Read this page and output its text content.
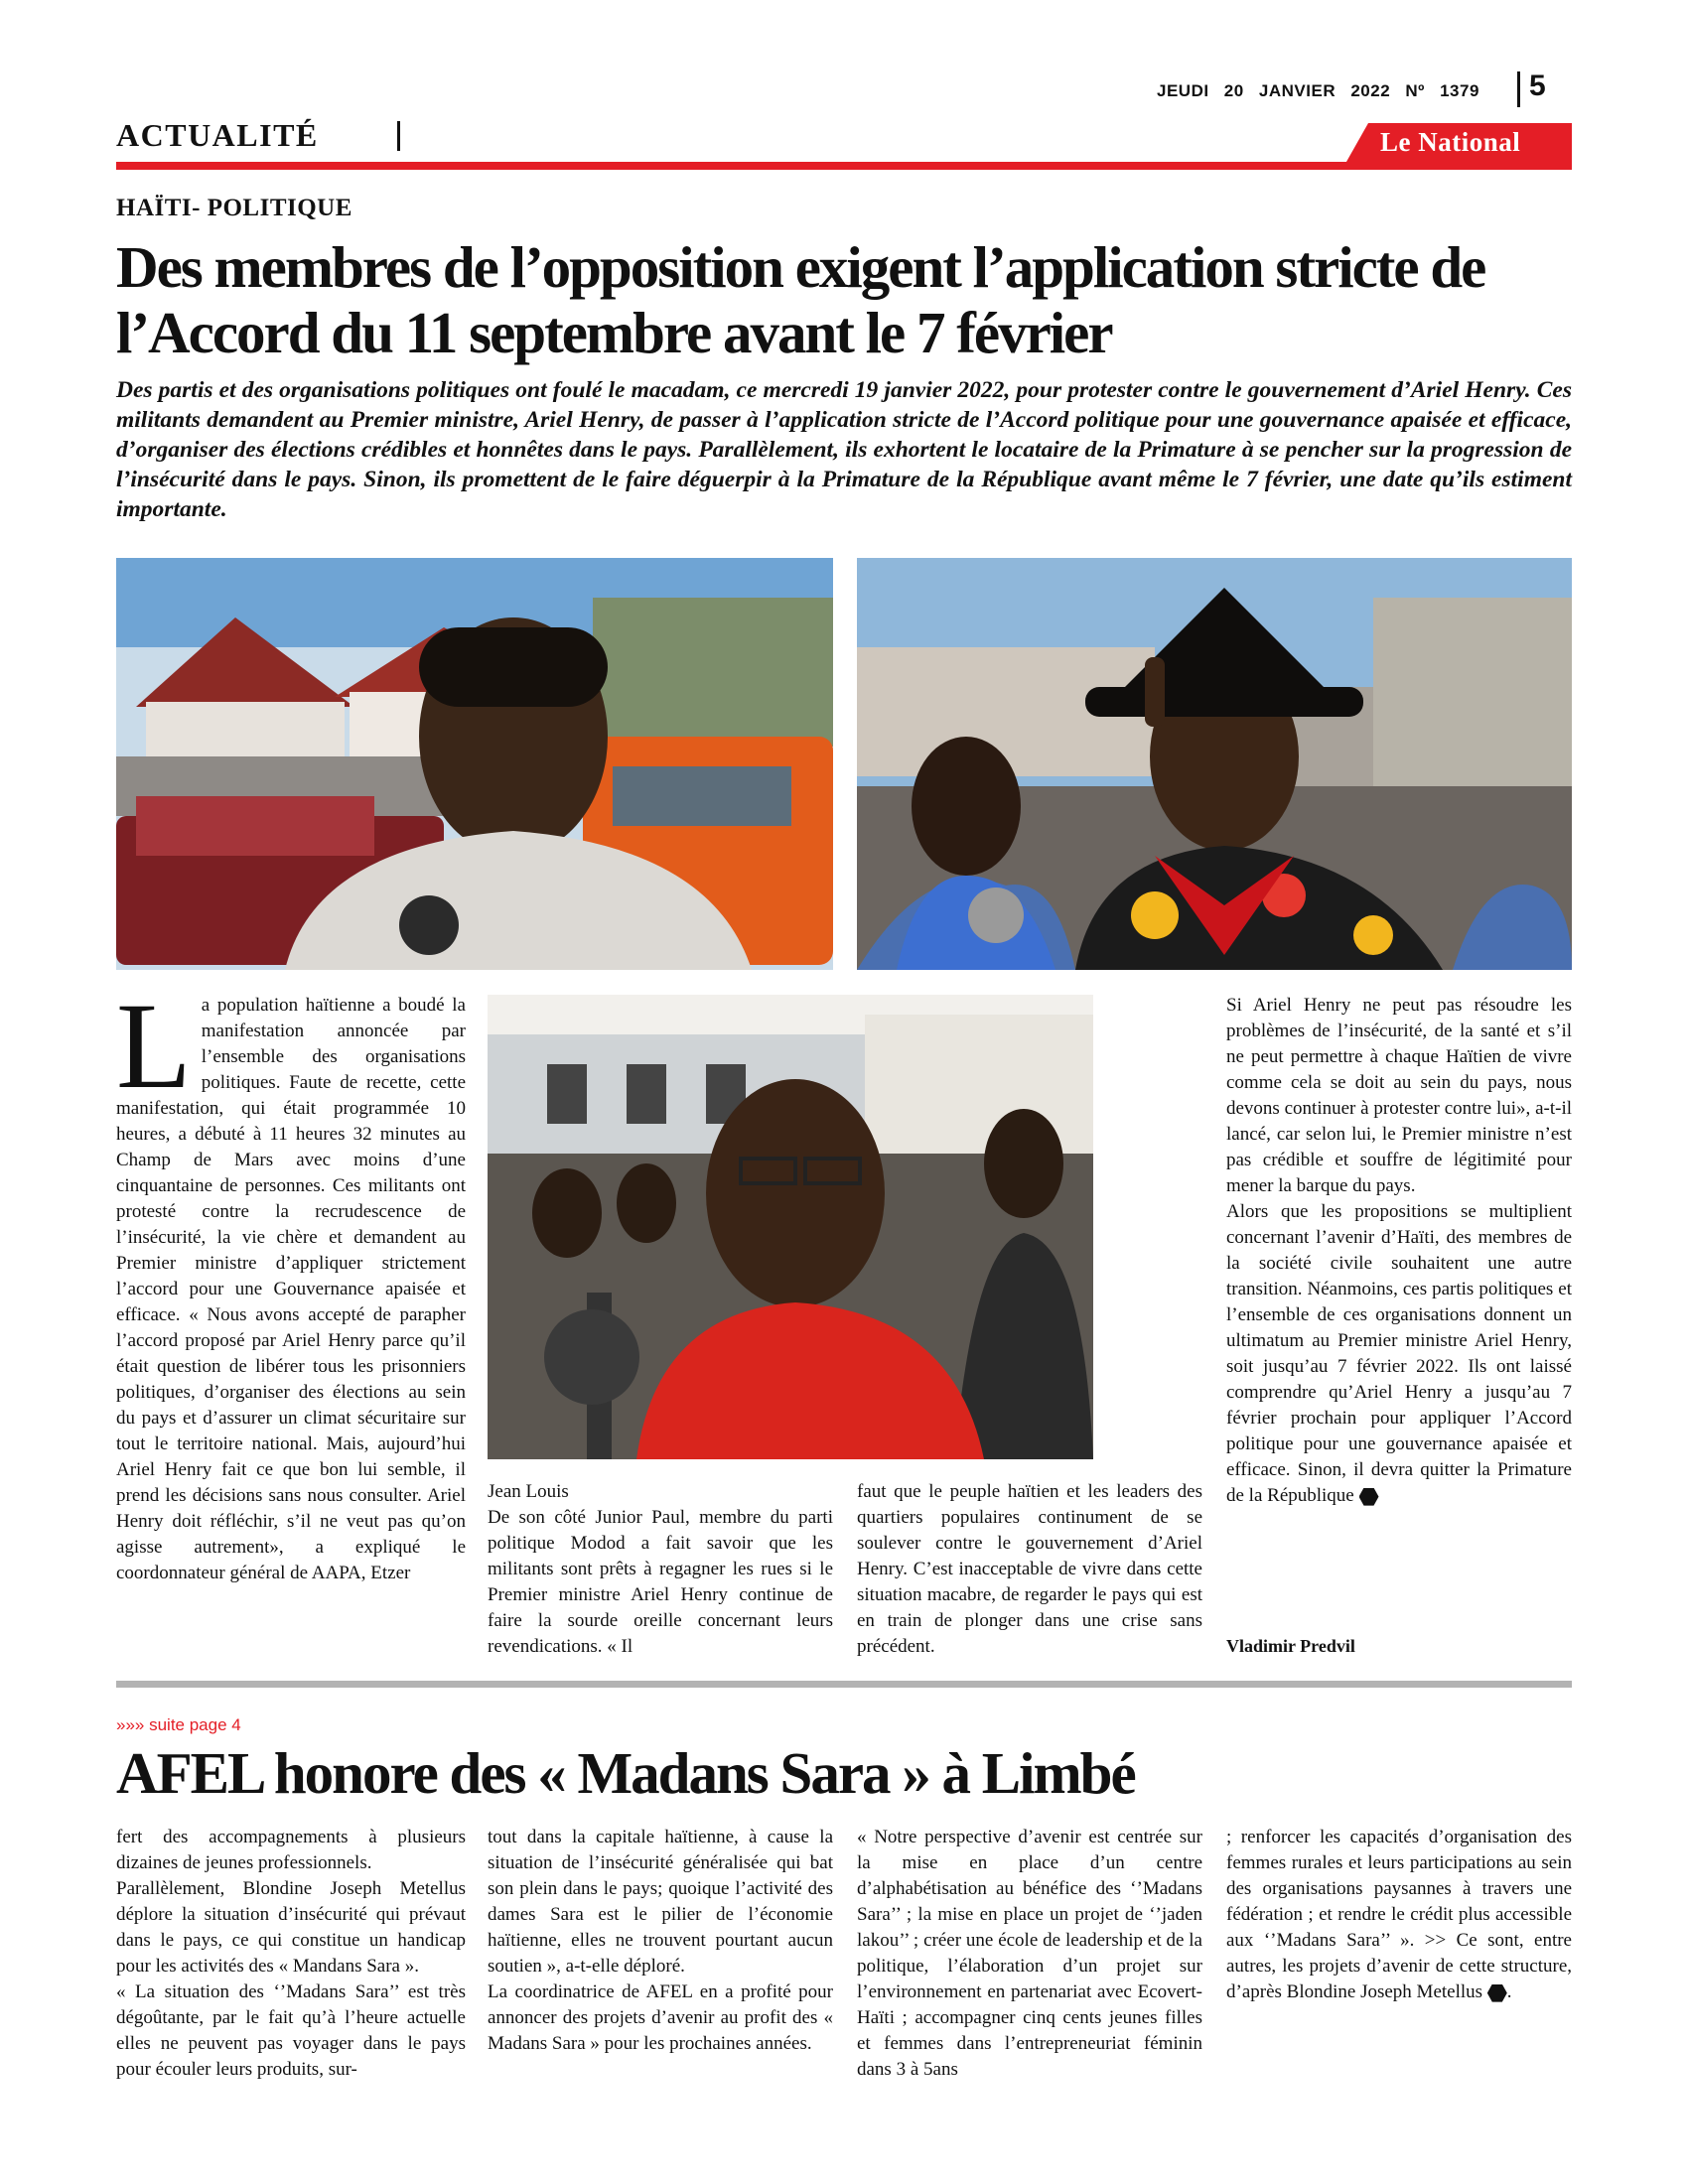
JEUDI 20 JANVIER 2022 Nº 1379 5
ACTUALITÉ	Le National
HAÏTI- POLITIQUE
Des membres de l’opposition exigent l’application stricte de l’Accord du 11 septembre avant le 7 février
Des partis et des organisations politiques ont foulé le macadam, ce mercredi 19 janvier 2022, pour protester contre le gouvernement d’Ariel Henry. Ces militants demandent au Premier ministre, Ariel Henry, de passer à l’application stricte de l’Accord politique pour une gouvernance apaisée et efficace, d’organiser des élections crédibles et honnêtes dans le pays. Parallèlement, ils exhortent le locataire de la Primature à se pencher sur la progression de l’insécurité dans le pays. Sinon, ils promettent de le faire déguerpir à la Primature de la République avant même le 7 février, une date qu’ils estiment importante.
La population haïtienne a boudé la manifestation annoncée par l’ensemble des organisations politiques. Faute de recette, cette manifestation, qui était programmée 10 heures, a débuté à 11 heures 32 minutes au Champ de Mars avec moins d’une cinquantaine de personnes. Ces militants ont protesté contre la recrudescence de l’insécurité, la vie chère et demandent au Premier ministre d’appliquer strictement l’accord pour une Gouvernance apaisée et efficace. « Nous avons accepté de parapher l’accord proposé par Ariel Henry parce qu’il était question de libérer tous les prisonniers politiques, d’organiser des élections au sein du pays et d’assurer un climat sécuritaire sur tout le territoire national. Mais, aujourd’hui Ariel Henry fait ce que bon lui semble, il prend les décisions sans nous consulter. Ariel Henry doit réfléchir, s’il ne veut pas qu’on agisse autrement», a expliqué le coordonnateur général de AAPA, Etzer
Jean Louis
De son côté Junior Paul, membre du parti politique Modod a fait savoir que les militants sont prêts à regagner les rues si le Premier ministre Ariel Henry continue de faire la sourde oreille concernant leurs revendications. « Il
faut que le peuple haïtien et les leaders des quartiers populaires continument de se soulever contre le gouvernement d’Ariel Henry. C’est inacceptable de vivre dans cette situation macabre, de regarder le pays qui est en train de plonger dans une crise sans précédent.

Si Ariel Henry ne peut pas résoudre les problèmes de l’insécurité, de la santé et s’il ne peut permettre à chaque Haïtien de vivre comme cela se doit au sein du pays, nous devons continuer à protester contre lui», a-t-il lancé, car selon lui, le Premier ministre n’est pas crédible et souffre de légitimité pour mener la barque du pays.

Alors que les propositions se multiplient concernant l’avenir d’Haïti, des membres de la société civile souhaitent une autre transition. Néanmoins, ces partis politiques et l’ensemble de ces organisations donnent un ultimatum au Premier ministre Ariel Henry, soit jusqu’au 7 février 2022. Ils ont laissé comprendre qu’Ariel Henry a jusqu’au 7 février prochain pour appliquer l’Accord politique pour une gouvernance apaisée et efficace. Sinon, il devra quitter la Primature de la République

Vladimir Predvil
»»» suite page 4
AFEL honore des « Madans Sara » à Limbé

fert des accompagnements à plusieurs dizaines de jeunes professionnels.

Parallèlement, Blondine Joseph Metellus déplore la situation d’insécurité qui prévaut dans le pays, ce qui constitue un handicap pour les activités des « Mandans Sara ».

« La situation des ‘’Madans Sara’’ est très dégoûtante, par le fait qu’à l’heure actuelle elles ne peuvent pas voyager dans le pays pour écouler leurs produits, sur-

tout dans la capitale haïtienne, à cause la situation de l’insécurité généralisée qui bat son plein dans le pays; quoique l’activité des dames Sara est le pilier de l’économie haïtienne, elles ne trouvent pourtant aucun soutien », a-t-elle déploré.

La coordinatrice de AFEL en a profité pour annoncer des projets d’avenir au profit des « Madans Sara » pour les prochaines années.

« Notre perspective d’avenir est centrée sur la mise en place d’un centre d’alphabétisation au bénéfice des ‘’Madans Sara’’ ; la mise en place un projet de ‘’jaden lakou’’ ; créer une école de leadership et de la politique, l’élaboration d’un projet sur l’environnement en partenariat avec Ecovert-Haïti ; accompagner cinq cents jeunes filles et femmes dans l’entrepreneuriat féminin dans 3 à 5ans
; renforcer les capacités d’organisation des femmes rurales et leurs participations au sein des organisations paysannes à travers une fédération ; et rendre le crédit plus accessible aux ‘’Madans Sara’’ ». >> Ce sont, entre autres, les projets d’avenir de cette structure, d’après Blondine Joseph Metellus .
